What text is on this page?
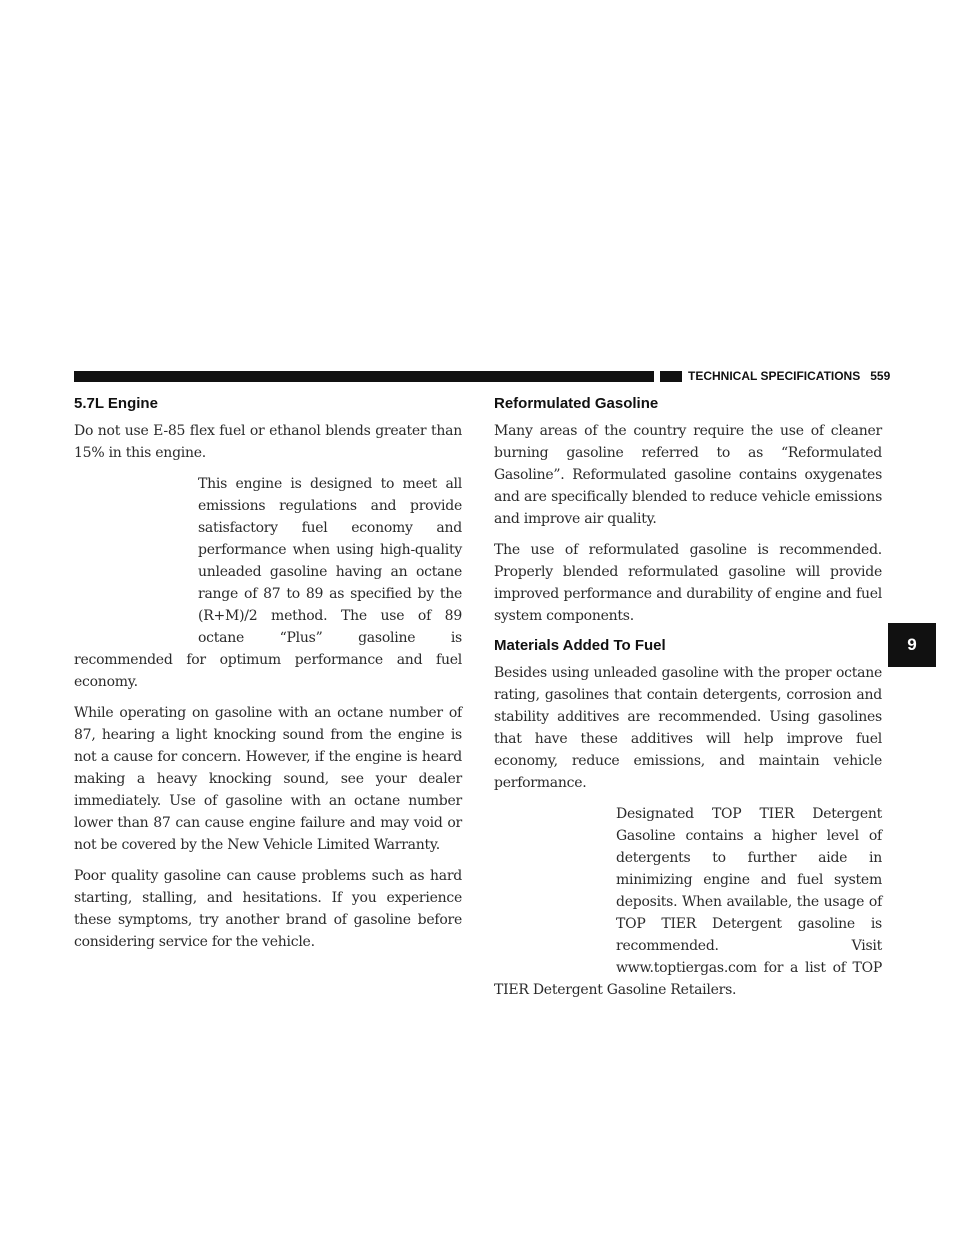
TECHNICAL SPECIFICATIONS 559
5.7L Engine

Do not use E-85 flex fuel or ethanol blends greater than 15% in this engine.

This engine is designed to meet all emissions regulations and provide satisfactory fuel economy and performance when using high-quality unleaded gasoline having an octane range of 87 to 89 as specified by the (R+M)/2 method. The use of 89 octane “Plus” gasoline is recommended for optimum performance and fuel economy.

While operating on gasoline with an octane number of 87, hearing a light knocking sound from the engine is not a cause for concern. However, if the engine is heard making a heavy knocking sound, see your dealer immediately. Use of gasoline with an octane number lower than 87 can cause engine failure and may void or not be covered by the New Vehicle Limited Warranty.

Poor quality gasoline can cause problems such as hard starting, stalling, and hesitations. If you experience these symptoms, try another brand of gasoline before considering service for the vehicle.

Reformulated Gasoline

Many areas of the country require the use of cleaner burning gasoline referred to as “Reformulated Gasoline”. Reformulated gasoline contains oxygenates and are specifically blended to reduce vehicle emissions and improve air quality.

The use of reformulated gasoline is recommended. Properly blended reformulated gasoline will provide improved performance and durability of engine and fuel system components.

Materials Added To Fuel

Besides using unleaded gasoline with the proper octane rating, gasolines that contain detergents, corrosion and stability additives are recommended. Using gasolines that have these additives will help improve fuel economy, reduce emissions, and maintain vehicle performance.

Designated TOP TIER Detergent Gasoline contains a higher level of detergents to further aide in minimizing engine and fuel system deposits. When available, the usage of TOP TIER Detergent gasoline is recommended. Visit www.toptiergas.com for a list of TOP TIER Detergent Gasoline Retailers.

9
